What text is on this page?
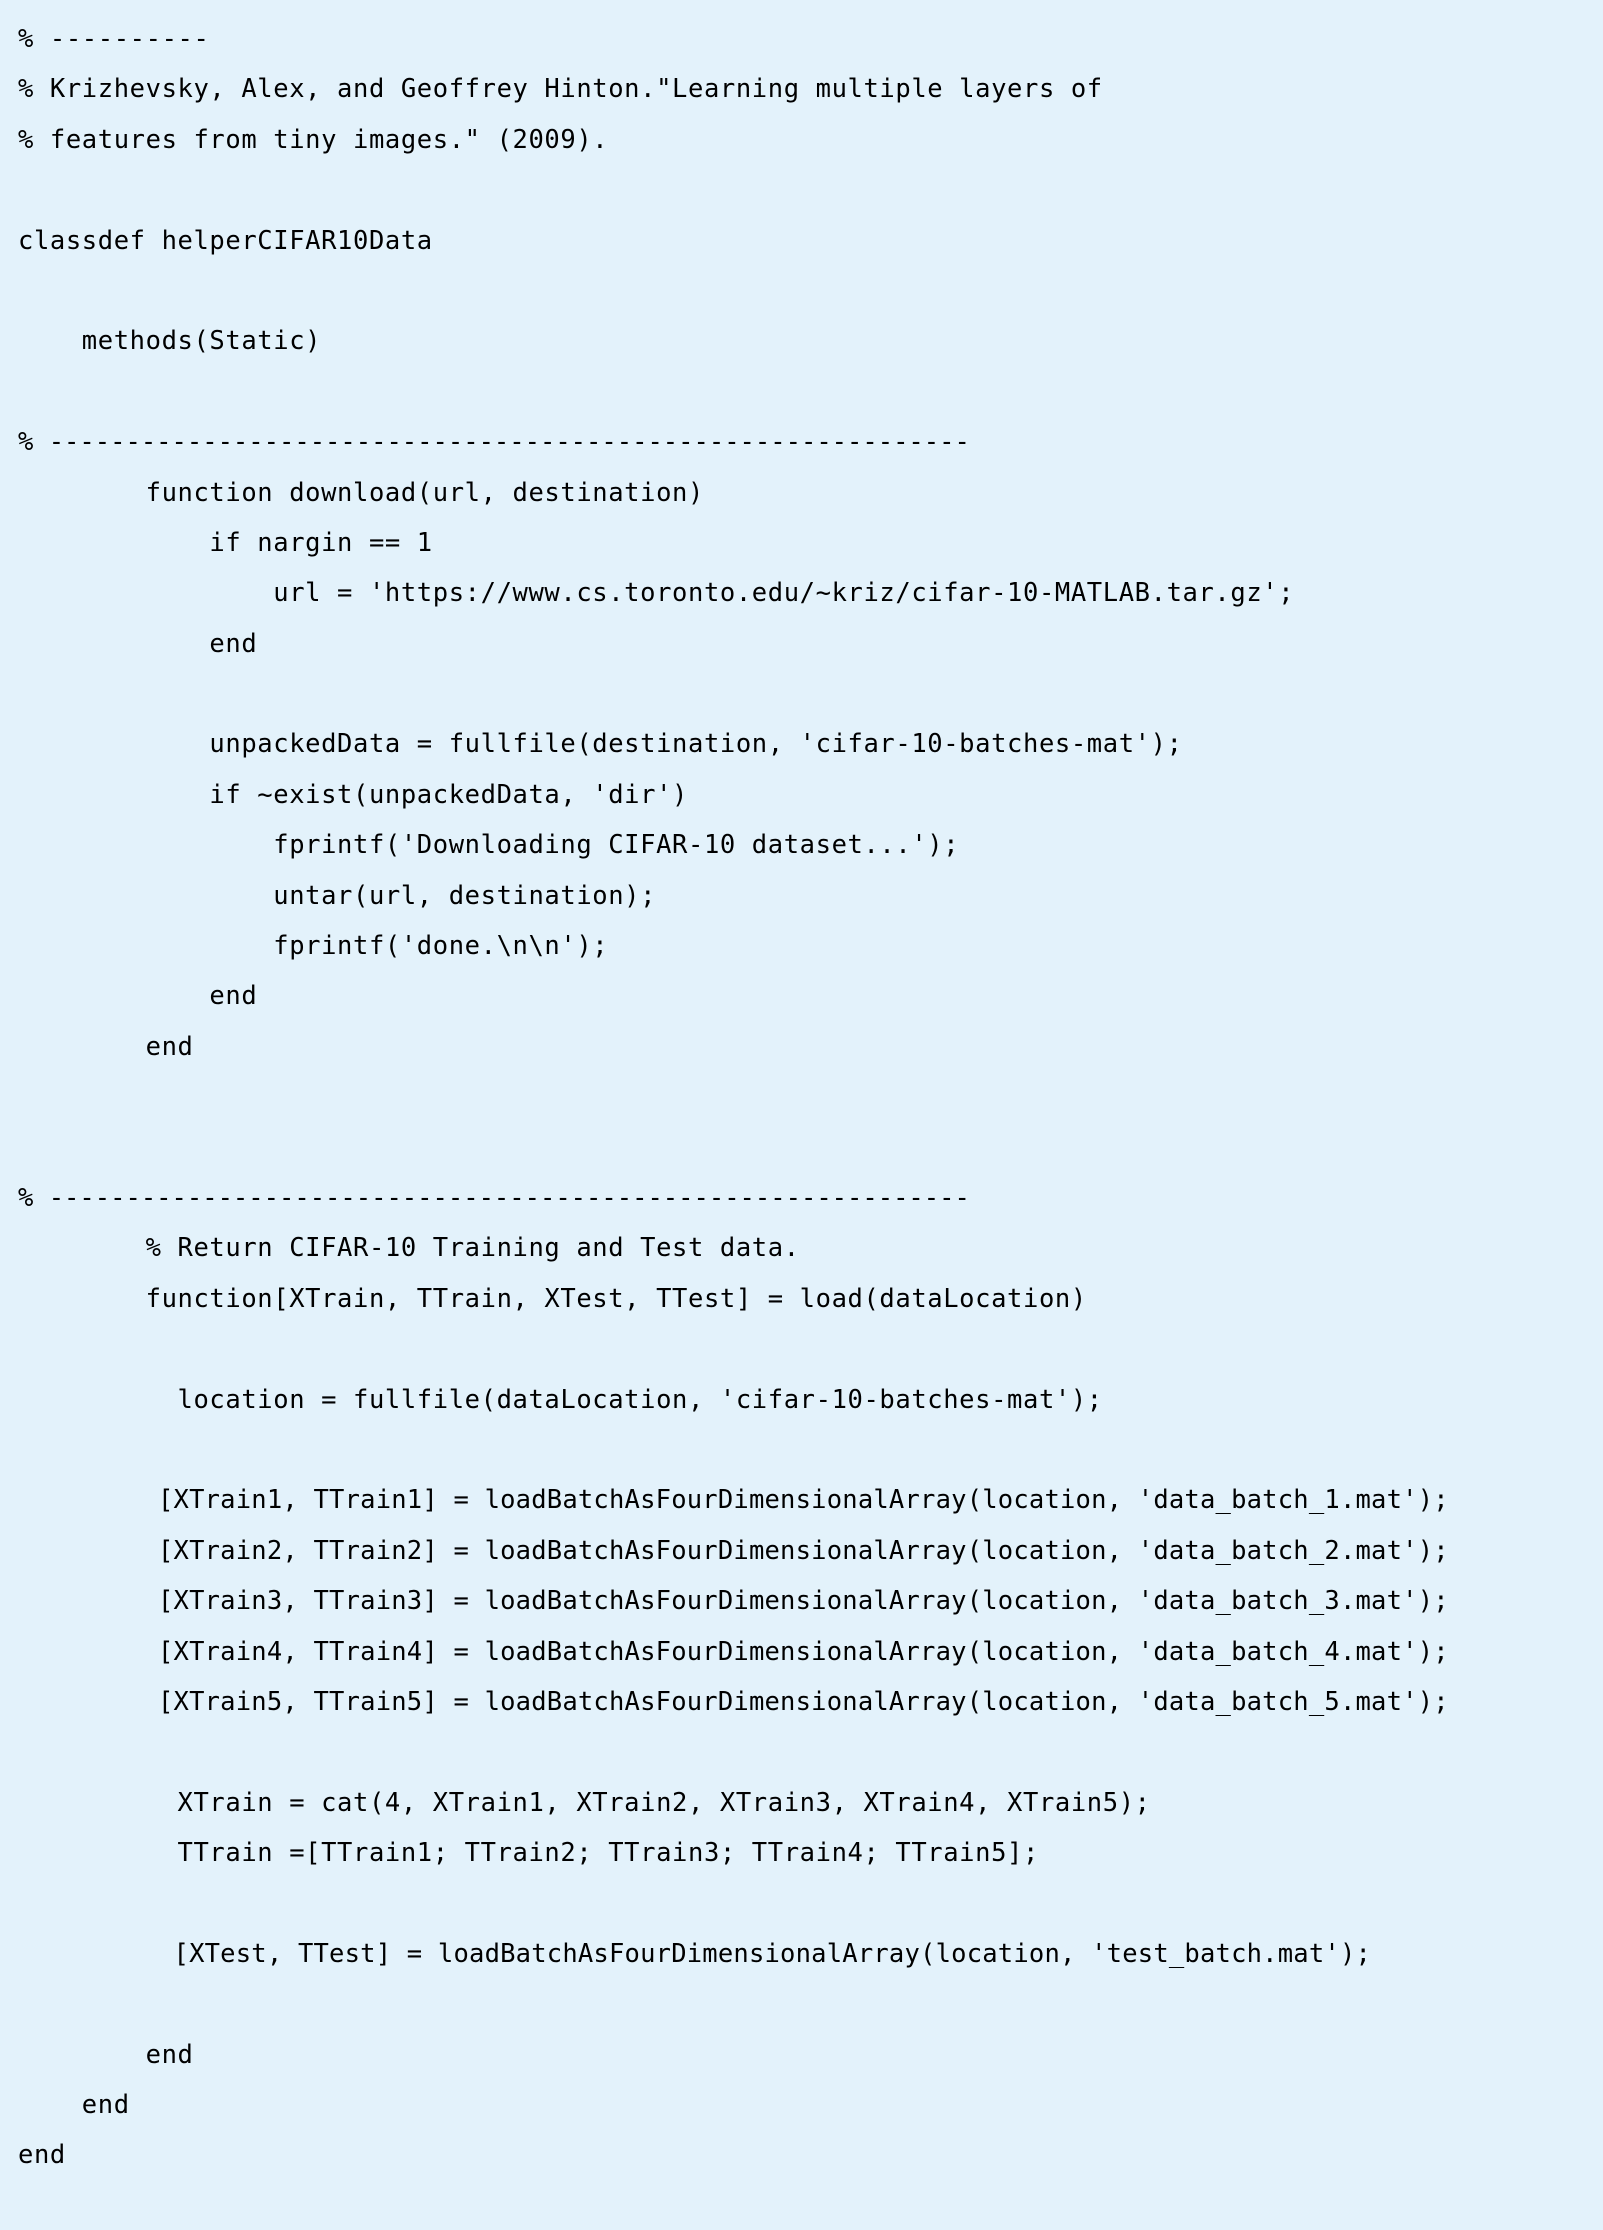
% ----------
% Krizhevsky, Alex, and Geoffrey Hinton."Learning multiple layers of
% features from tiny images." (2009).
classdef helperCIFAR10Data
methods(Static)
% ------------------------------------------------------------
function download(url, destination)
if nargin == 1
url = 'https://www.cs.toronto.edu/~kriz/cifar-10-MATLAB.tar.gz';
end
unpackedData = fullfile(destination, 'cifar-10-batches-mat');
if ~exist(unpackedData, 'dir')
fprintf('Downloading CIFAR-10 dataset...');
untar(url, destination);
fprintf('done.\n\n');
end
end
% ------------------------------------------------------------
% Return CIFAR-10 Training and Test data.
function[XTrain, TTrain, XTest, TTest] = load(dataLocation)
location = fullfile(dataLocation, 'cifar-10-batches-mat');
[XTrain1, TTrain1] = loadBatchAsFourDimensionalArray(location, 'data_batch_1.mat');
[XTrain2, TTrain2] = loadBatchAsFourDimensionalArray(location, 'data_batch_2.mat');
[XTrain3, TTrain3] = loadBatchAsFourDimensionalArray(location, 'data_batch_3.mat');
[XTrain4, TTrain4] = loadBatchAsFourDimensionalArray(location, 'data_batch_4.mat');
[XTrain5, TTrain5] = loadBatchAsFourDimensionalArray(location, 'data_batch_5.mat');
XTrain = cat(4, XTrain1, XTrain2, XTrain3, XTrain4, XTrain5);
TTrain =[TTrain1; TTrain2; TTrain3; TTrain4; TTrain5];
[XTest, TTest] = loadBatchAsFourDimensionalArray(location, 'test_batch.mat');
end
end
end
